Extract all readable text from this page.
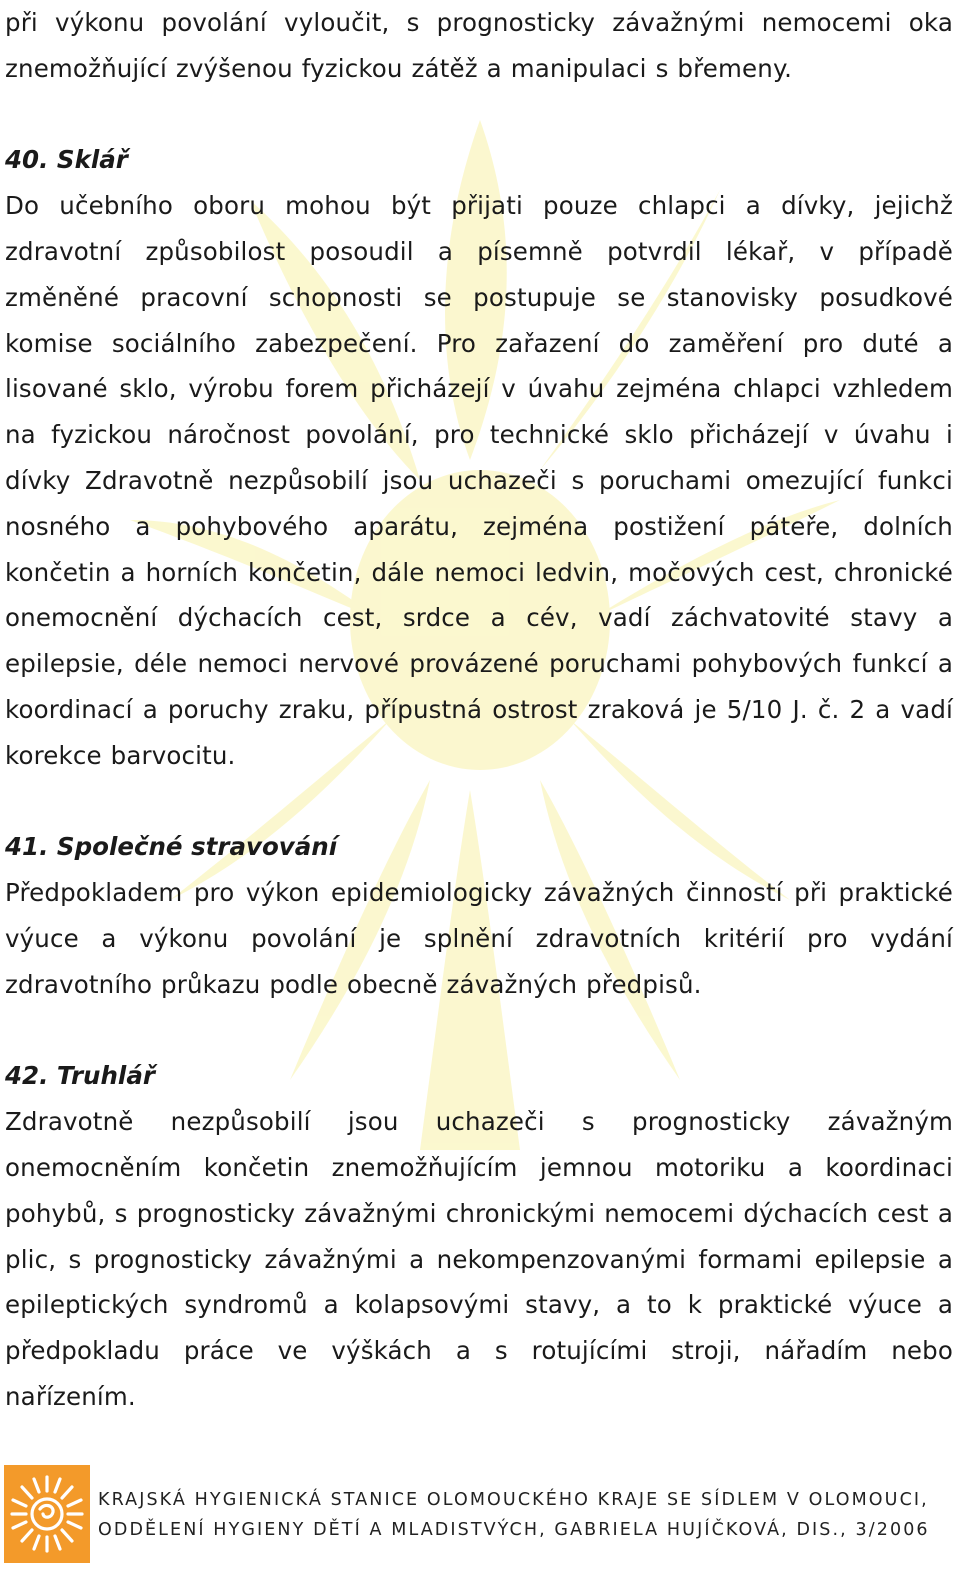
při výkonu povolání vyloučit, s prognosticky závažnými nemocemi oka znemožňující zvýšenou fyzickou zátěž a manipulaci s břemeny.

40. Sklář

Do učebního oboru mohou být přijati pouze chlapci a dívky, jejichž zdravotní způsobilost posoudil a písemně potvrdil lékař, v případě změněné pracovní schopnosti se postupuje se stanovisky posudkové komise sociálního zabezpečení. Pro zařazení do zaměření pro duté a lisované sklo, výrobu forem přicházejí v úvahu zejména chlapci vzhledem na fyzickou náročnost povolání, pro technické sklo přicházejí v úvahu i dívky Zdravotně nezpůsobilí jsou uchazeči s poruchami omezující funkci nosného a pohybového aparátu, zejména postižení páteře, dolních končetin a horních končetin, dále nemoci ledvin, močových cest, chronické onemocnění dýchacích cest, srdce a cév, vadí záchvatovité stavy a epilepsie, déle nemoci nervové provázené poruchami pohybových funkcí a koordinací a poruchy zraku, přípustná ostrost zraková je 5/10 J. č. 2 a vadí korekce barvocitu.

41. Společné stravování

Předpokladem pro výkon epidemiologicky závažných činností při praktické výuce a výkonu povolání je splnění zdravotních kritérií pro vydání zdravotního průkazu podle obecně závažných předpisů.

42. Truhlář

Zdravotně nezpůsobilí jsou uchazeči s prognosticky závažným onemocněním končetin znemožňujícím jemnou motoriku a koordinaci pohybů, s prognosticky závažnými chronickými nemocemi dýchacích cest a plic, s prognosticky závažnými a nekompenzovanými formami epilepsie a epileptických syndromů a kolapsovými stavy, a to k praktické výuce a předpokladu práce ve výškách a s rotujícími stroji, nářadím nebo nařízením.

KRAJSKÁ HYGIENICKÁ STANICE OLOMOUCKÉHO KRAJE SE SÍDLEM V OLOMOUCI,
ODDĚLENÍ HYGIENY DĚTÍ A MLADISTVÝCH, GABRIELA HUJÍČKOVÁ, DIS., 3/2006
